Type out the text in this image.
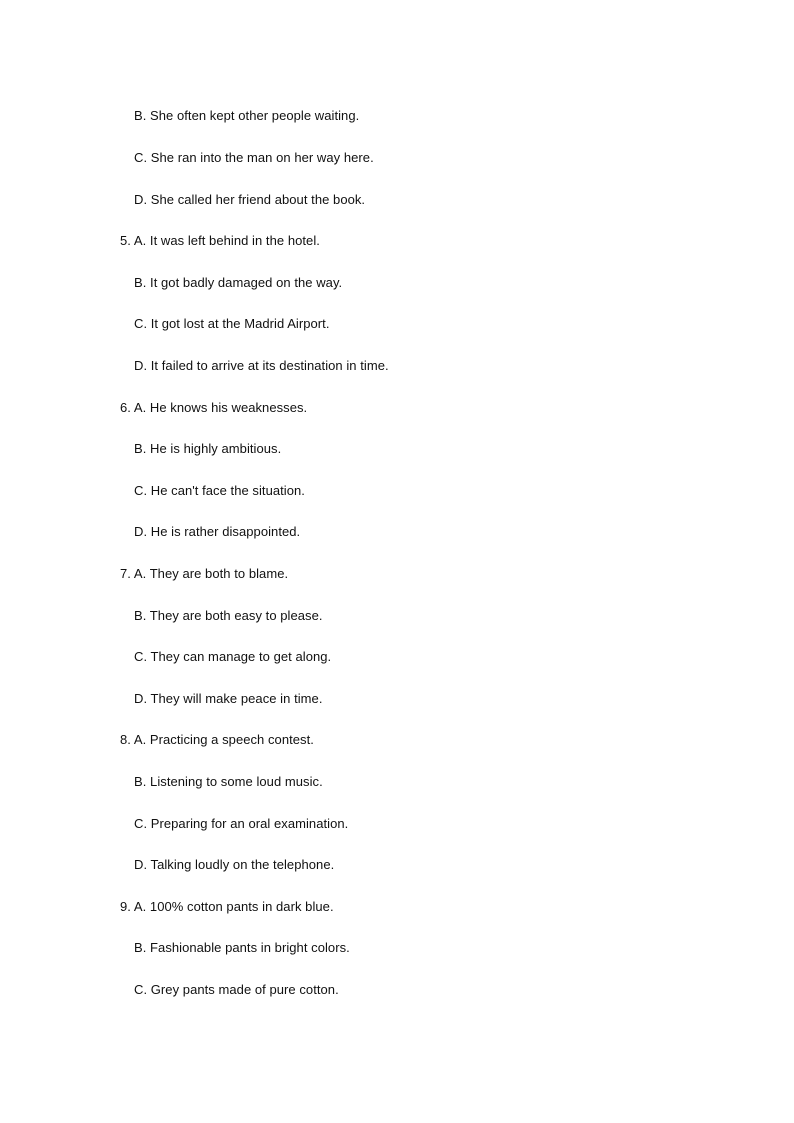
B. She often kept other people waiting.
C. She ran into the man on her way here.
D. She called her friend about the book.
5. A. It was left behind in the hotel.
B. It got badly damaged on the way.
C. It got lost at the Madrid Airport.
D. It failed to arrive at its destination in time.
6. A. He knows his weaknesses.
B. He is highly ambitious.
C. He can't face the situation.
D. He is rather disappointed.
7. A. They are both to blame.
B. They are both easy to please.
C. They can manage to get along.
D. They will make peace in time.
8. A. Practicing a speech contest.
B. Listening to some loud music.
C. Preparing for an oral examination.
D. Talking loudly on the telephone.
9. A. 100% cotton pants in dark blue.
B. Fashionable pants in bright colors.
C. Grey pants made of pure cotton.
